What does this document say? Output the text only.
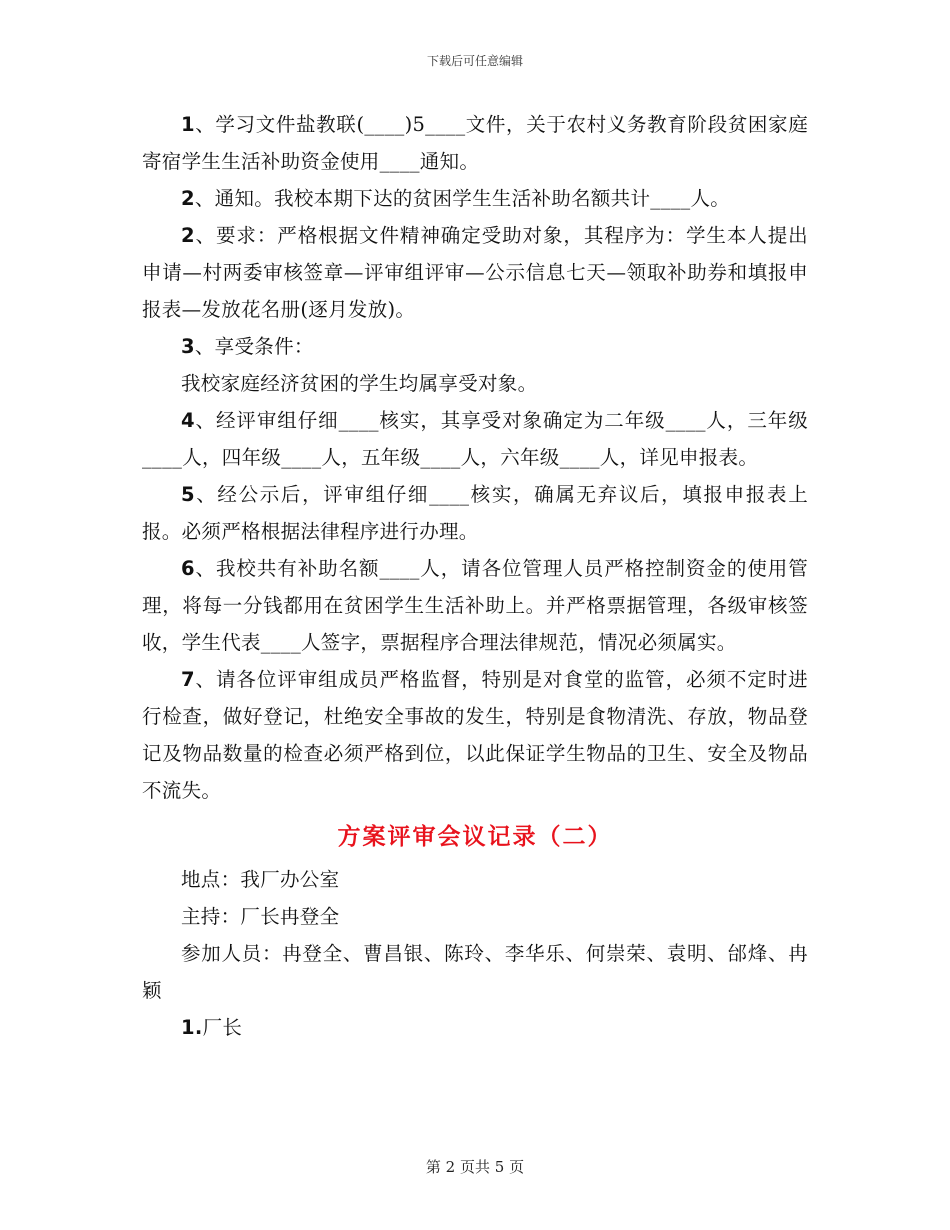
下载后可任意编辑

1、学习文件盐教联(____)5____文件，关于农村义务教育阶段贫困家庭寄宿学生生活补助资金使用____通知。

2、通知。我校本期下达的贫困学生生活补助名额共计____人。

2、要求：严格根据文件精神确定受助对象，其程序为：学生本人提出申请—村两委审核签章—评审组评审—公示信息七天—领取补助券和填报申报表—发放花名册(逐月发放)。

3、享受条件：

我校家庭经济贫困的学生均属享受对象。

4、经评审组仔细____核实，其享受对象确定为二年级____人，三年级____人，四年级____人，五年级____人，六年级____人，详见申报表。

5、经公示后，评审组仔细____核实，确属无弃议后，填报申报表上报。必须严格根据法律程序进行办理。

6、我校共有补助名额____人，请各位管理人员严格控制资金的使用管理，将每一分钱都用在贫困学生生活补助上。并严格票据管理，各级审核签收，学生代表____人签字，票据程序合理法律规范，情况必须属实。

7、请各位评审组成员严格监督，特别是对食堂的监管，必须不定时进行检查，做好登记，杜绝安全事故的发生，特别是食物清洗、存放，物品登记及物品数量的检查必须严格到位，以此保证学生物品的卫生、安全及物品不流失。

方案评审会议记录（二）

地点：我厂办公室

主持：厂长冉登全

参加人员：冉登全、曹昌银、陈玲、李华乐、何崇荣、袁明、邰烽、冉颖

1.厂长

第 2 页共 5 页
